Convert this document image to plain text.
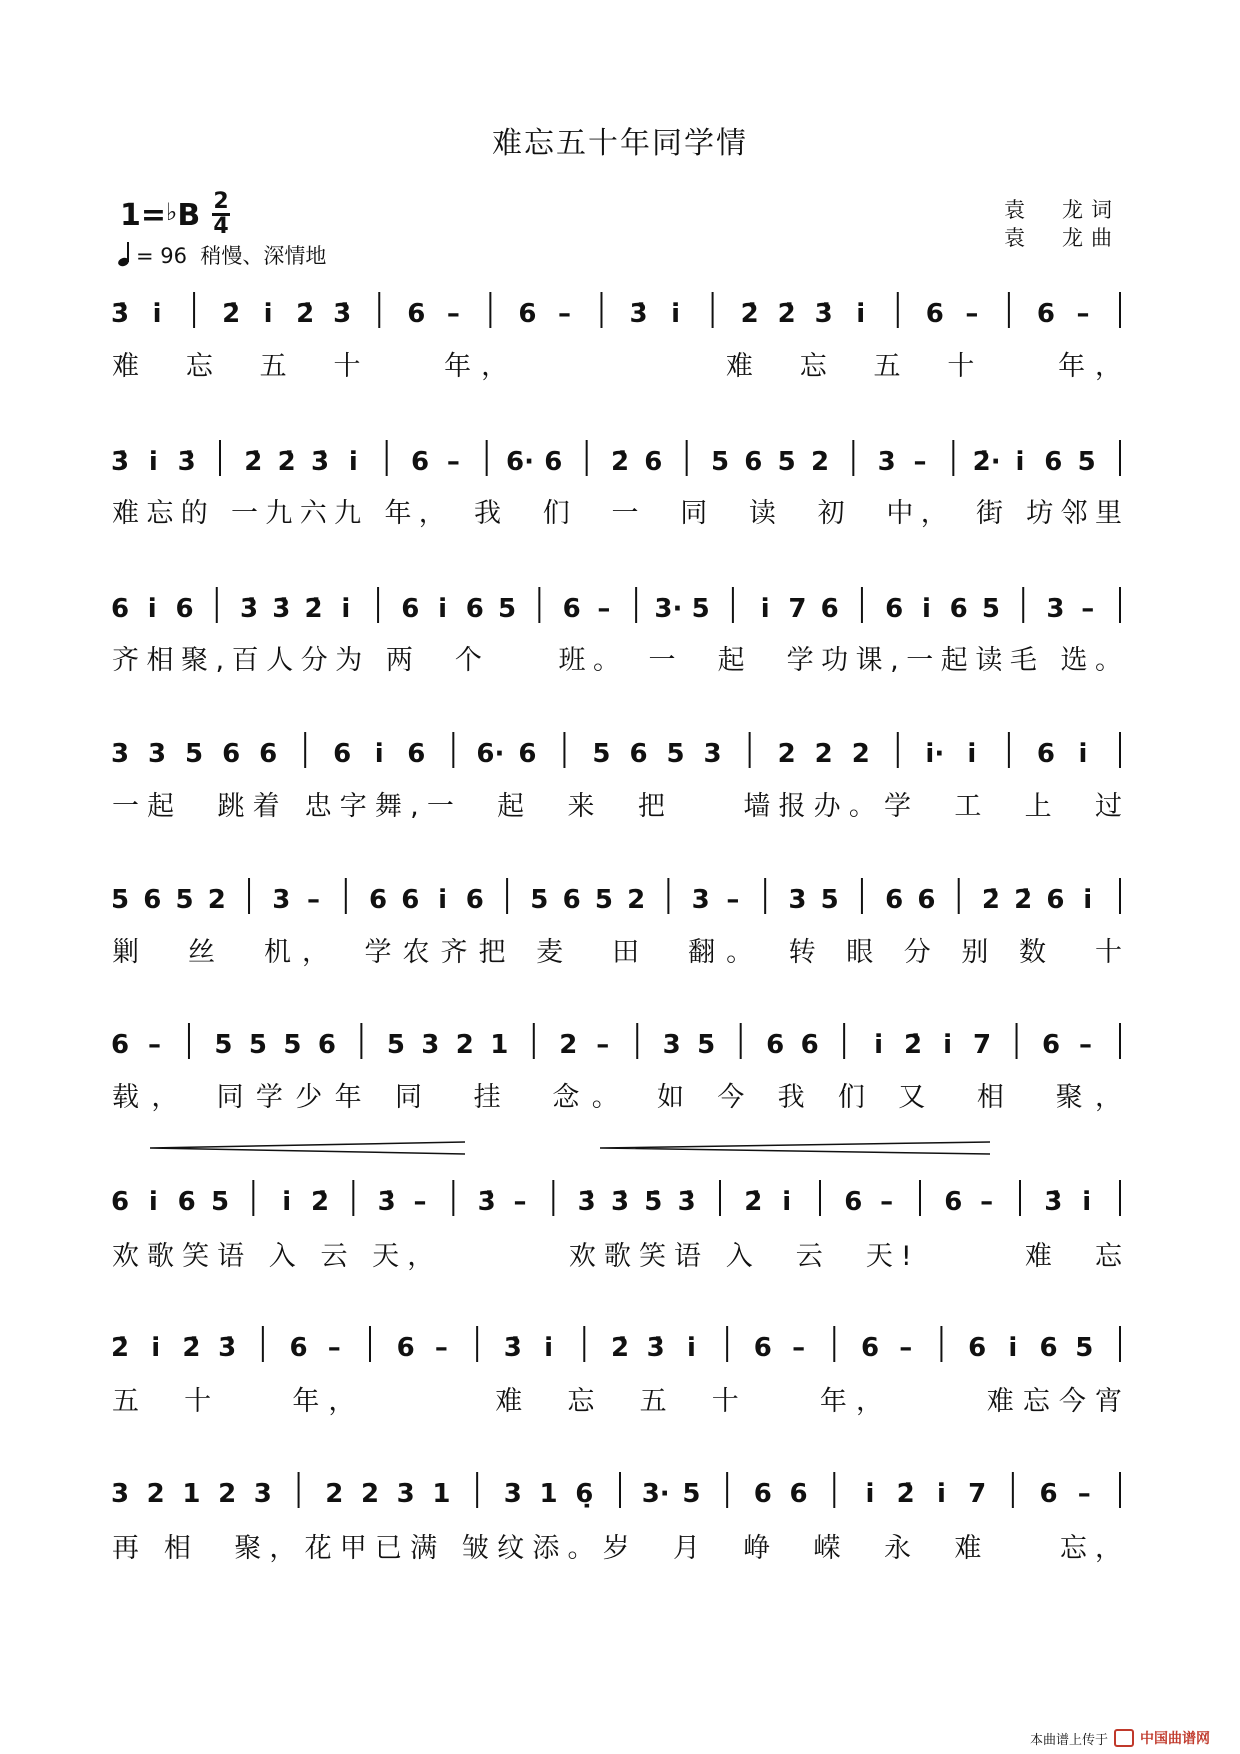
难忘五十年同学情
1=♭B 2
4
= 96 稍慢、深情地
袁　龙词
袁　龙曲
3̇ i̇ 2̇ i̇ 2̇ 3̇ 6 – 6 – 3̇ i̇ 2̇ 2̇ 3̇ i̇ 6 – 6 –
难　忘　五　十　　年，　　　　　　难　忘　五　十　　年，
3̇ i̇ 3̇ 2̇ 2̇ 3̇ i̇ 6 – 6· 6 2̇ 6 5 6 5 2 3 – 2̇· i̇ 6 5
难忘的 一九六九 年，　我　们　一　同　读　初　中，　街 坊邻里
6 i̇ 6 3̇ 3̇ 2̇ i̇ 6 i̇ 6 5 6 – 3· 5 i̇ 7 6 6 i̇ 6 5 3 –
齐相聚,百人分为 两　个　　班。　一　起　学功课,一起读毛 选。
3 3 5 6 6 6 i̇ 6 6· 6 5 6 5 3 2 2 2 i̇· i̇ 6 i̇
一起　跳着 忠字舞,一　起　来　把　　墙报办。学　工　上　过
5 6 5 2 3 – 6 6 i̇ 6 5 6 5 2 3 – 3 5 6 6 2̇ 2̇ 6 i̇
剿　丝　机，　学农齐把 麦　田　翻。　转 眼 分 别 数　十
6 – 5 5 5 6 5 3 2 1 2 – 3 5 6 6 i̇ 2̇ i̇ 7 6 –
载，　同学少年 同　挂　念。　如 今 我 们 又　相　聚，
6 i̇ 6 5 i̇ 2̇ 3̇ – 3̇ – 3̇ 3̇ 5̇ 3̇ 2̇ i̇ 6 – 6 – 3̇ i̇
欢歌笑语 入 云 天，　　　　欢歌笑语 入　云　天!　　　难　忘
2̇ i̇ 2̇ 3̇ 6 – 6 – 3̇ i̇ 2̇ 3̇ i̇ 6 – 6 – 6 i̇ 6 5
五　十　　年，　　　　难　忘　五　十　　年，　　　难忘今宵
3 2 1 2 3 2 2 3 1 3 1 6̣ 3· 5 6 6 i̇ 2̇ i̇ 7 6 –
再 相　聚，花甲已满 皱纹添。岁　月　峥　嵘　永　难　　忘，
本曲谱上传于 中国曲谱网
